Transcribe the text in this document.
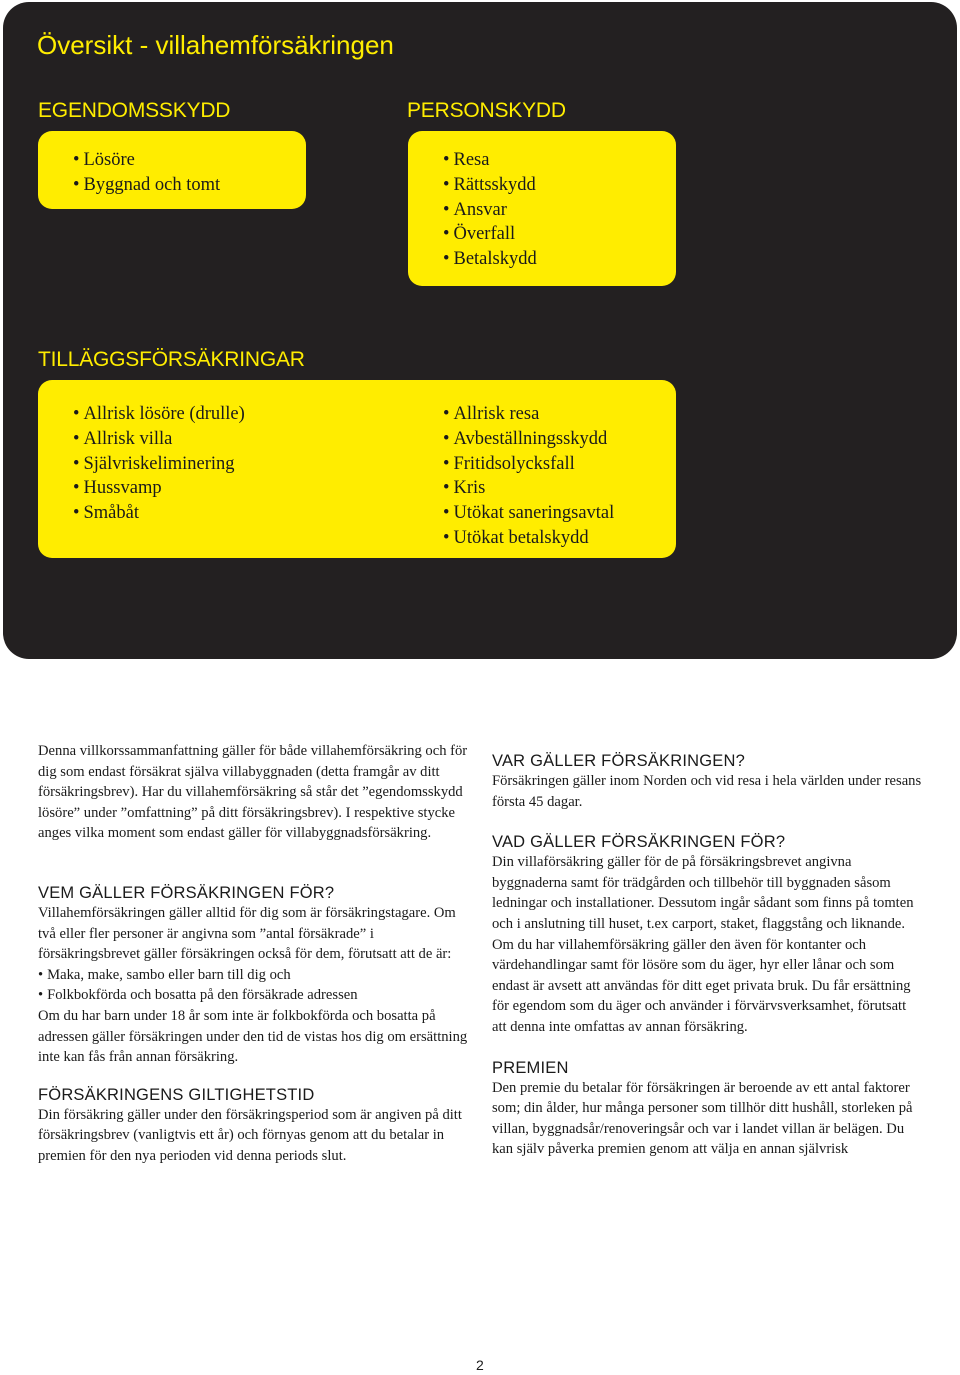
Översikt - villahemförsäkringen
EGENDOMSSKYDD	PERSONSKYDD
• Lösöre
• Byggnad och tomt
• Resa
• Rättsskydd
• Ansvar
• Överfall
• Betalskydd
TILLÄGGSFÖRSÄKRINGAR
• Allrisk lösöre (drulle)
• Allrisk villa
• Självriskeliminering
• Hussvamp
• Småbåt
• Allrisk resa
• Avbeställningsskydd
• Fritidsolycksfall
• Kris
• Utökat saneringsavtal
• Utökat betalskydd

Denna villkorssammanfattning gäller för både villahemförsäkring och för dig som endast försäkrat själva villabyggnaden (detta framgår av ditt försäkringsbrev). Har du villahemförsäkring så står det ”egendomsskydd lösöre” under ”omfattning” på ditt försäkringsbrev). I respektive stycke anges vilka moment som endast gäller för villabyggnadsförsäkring.

VEM GÄLLER FÖRSÄKRINGEN FÖR?

Villahemförsäkringen gäller alltid för dig som är försäkringstagare. Om två eller fler personer är angivna som ”antal försäkrade” i försäkringsbrevet gäller försäkringen också för dem, förutsatt att de är:

• Maka, make, sambo eller barn till dig och
• Folkbokförda och bosatta på den försäkrade adressen

Om du har barn under 18 år som inte är folkbokförda och bosatta på adressen gäller försäkringen under den tid de vistas hos dig om ersättning inte kan fås från annan försäkring.

FÖRSÄKRINGENS GILTIGHETSTID

Din försäkring gäller under den försäkringsperiod som är angiven på ditt försäkringsbrev (vanligtvis ett år) och förnyas genom att du betalar in premien för den nya perioden vid denna periods slut.

VAR GÄLLER FÖRSÄKRINGEN?

Försäkringen gäller inom Norden och vid resa i hela världen under resans första 45 dagar.

VAD GÄLLER FÖRSÄKRINGEN FÖR?

Din villaförsäkring gäller för de på försäkringsbrevet angivna byggnaderna samt för trädgården och tillbehör till byggnaden såsom ledningar och installationer. Dessutom ingår sådant som finns på tomten och i anslutning till huset, t.ex carport, staket, flaggstång och liknande. Om du har villahemförsäkring gäller den även för kontanter och värdehandlingar samt för lösöre som du äger, hyr eller lånar och som endast är avsett att användas för ditt eget privata bruk. Du får ersättning för egendom som du äger och använder i förvärvsverksamhet, förutsatt att denna inte omfattas av annan försäkring.

PREMIEN

Den premie du betalar för försäkringen är beroende av ett antal faktorer som; din ålder, hur många personer som tillhör ditt hushåll, storleken på villan, byggnadsår/renoveringsår och var i landet villan är belägen. Du kan själv påverka premien genom att välja en annan självrisk

2
